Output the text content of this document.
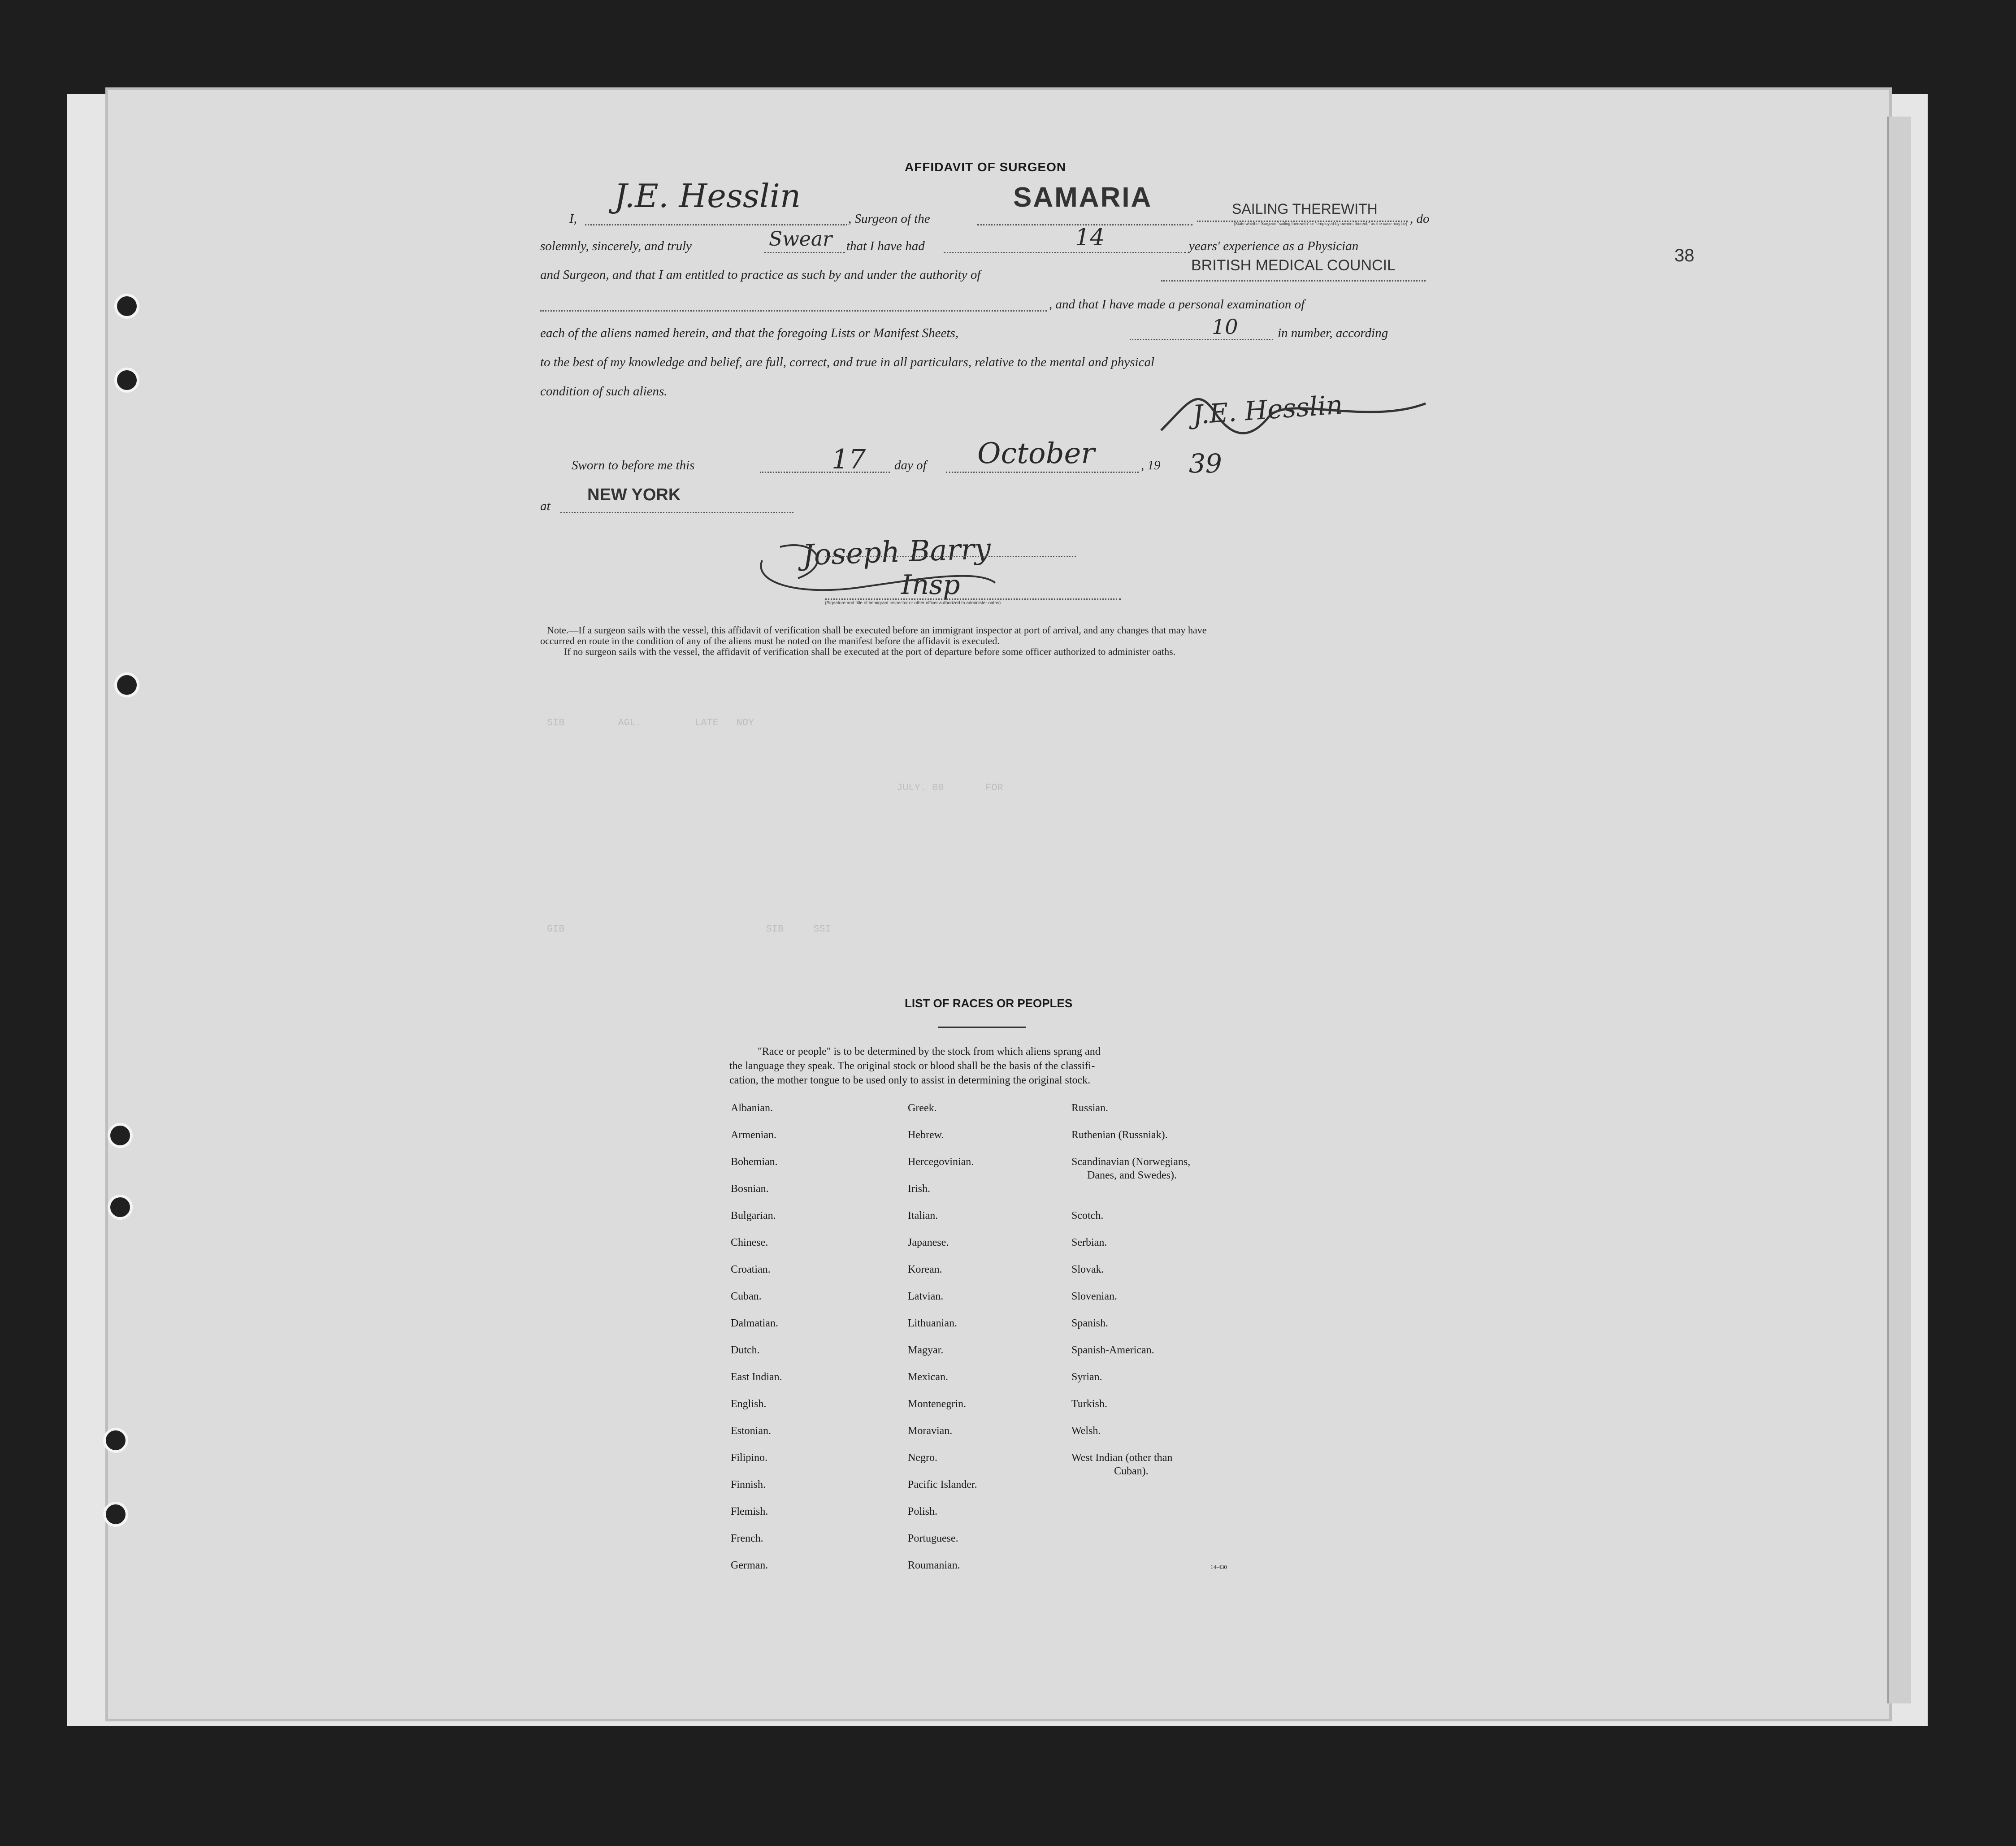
38
SIB         AGL.         LATE   NOY
JULY. 00       FOR
GIB                                  SIB     SSI
AFFIDAVIT OF SURGEON
I,
J.E. Hesslin
, Surgeon of the
SAMARIA	SAILING THEREWITH
(State whether Surgeon "sailing therewith" or "employed by owners thereof," as the case may be) , do
solemnly, sincerely, and truly	Swear that I have had	14	years' experience as a Physician
and Surgeon, and that I am entitled to practice as such by and under the authority of
BRITISH MEDICAL COUNCIL
, and that I have made a personal examination of
each of the aliens named herein, and that the foregoing Lists or Manifest Sheets,	10	in number, according
to the best of my knowledge and belief, are full, correct, and true in all particulars, relative to the mental and physical
condition of such aliens.	J.E. Hesslin
Sworn to before me this	17 day of October	, 19 39
NEW YORK
at
Joseph Barry
Insp
(Signature and title of immigrant inspector or other officer authorized to administer oaths)
Note.—If a surgeon sails with the vessel, this affidavit of verification shall be executed before an immigrant inspector at port of arrival, and any changes that may have
occurred en route in the condition of any of the aliens must be noted on the manifest before the affidavit is executed.
If no surgeon sails with the vessel, the affidavit of verification shall be executed at the port of departure before some officer authorized to administer oaths.
LIST OF RACES OR PEOPLES
"Race or people" is to be determined by the stock from which aliens sprang and
the language they speak. The original stock or blood shall be the basis of the classifi-
cation, the mother tongue to be used only to assist in determining the original stock.
Albanian.
Armenian.
Bohemian.
Bosnian.
Bulgarian.
Chinese.
Croatian.
Cuban.
Dalmatian.
Dutch.
East Indian.
English.
Estonian.
Filipino.
Finnish.
Flemish.
French.
German.
Greek.
Hebrew.
Hercegovinian.
Irish.
Italian.
Japanese.
Korean.
Latvian.
Lithuanian.
Magyar.
Mexican.
Montenegrin.
Moravian.
Negro.
Pacific Islander.
Polish.
Portuguese.
Roumanian.
Russian.
Ruthenian (Russniak).
Scandinavian (Norwegians,
Danes, and Swedes).
Scotch.
Serbian.
Slovak.
Slovenian.
Spanish.
Spanish-American.
Syrian.
Turkish.
Welsh.
West Indian (other than
Cuban).
14-430
